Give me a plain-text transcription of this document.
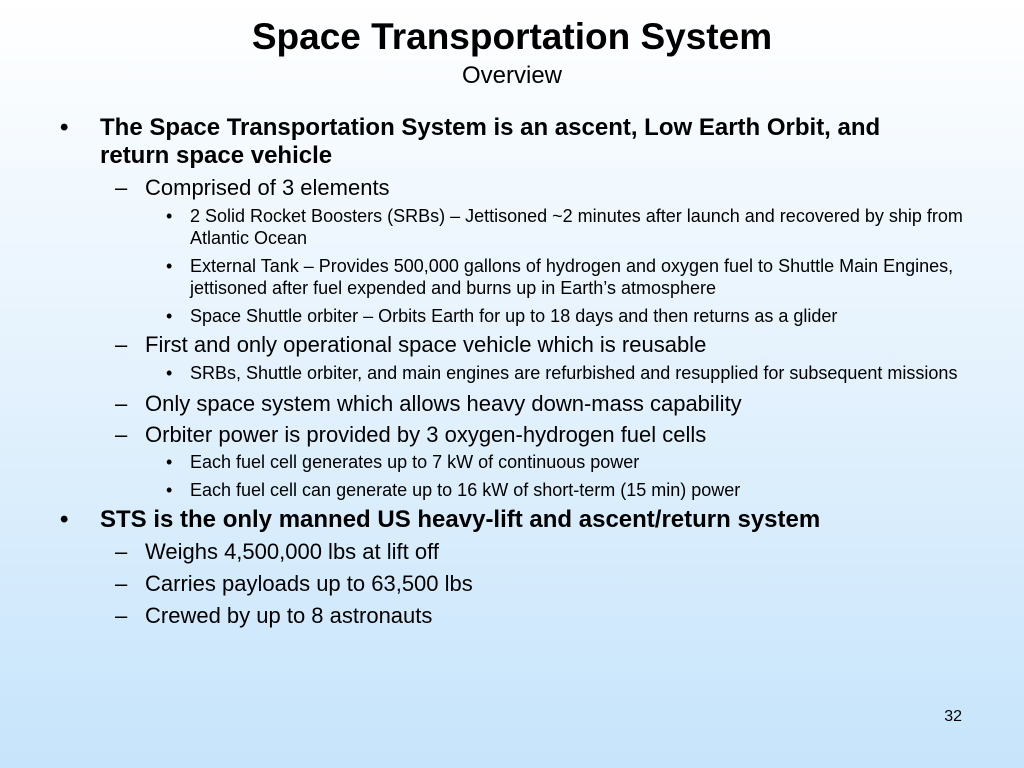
Space Transportation System
Overview
• The Space Transportation System is an ascent, Low Earth Orbit, and return space vehicle
– Comprised of 3 elements
• 2 Solid Rocket Boosters (SRBs) – Jettisoned ~2 minutes after launch and recovered by ship from Atlantic Ocean
• External Tank – Provides 500,000 gallons of hydrogen and oxygen fuel to Shuttle Main Engines, jettisoned after fuel expended and burns up in Earth’s atmosphere
• Space Shuttle orbiter – Orbits Earth for up to 18 days and then returns as a glider
– First and only operational space vehicle which is reusable
• SRBs, Shuttle orbiter, and main engines are refurbished and resupplied for subsequent missions
– Only space system which allows heavy down-mass capability
– Orbiter power is provided by 3 oxygen-hydrogen fuel cells
• Each fuel cell generates up to 7 kW of continuous power
• Each fuel cell can generate up to 16 kW of short-term (15 min) power
• STS is the only manned US heavy-lift and ascent/return system
– Weighs 4,500,000 lbs at lift off
– Carries payloads up to 63,500 lbs
– Crewed by up to 8 astronauts
32
